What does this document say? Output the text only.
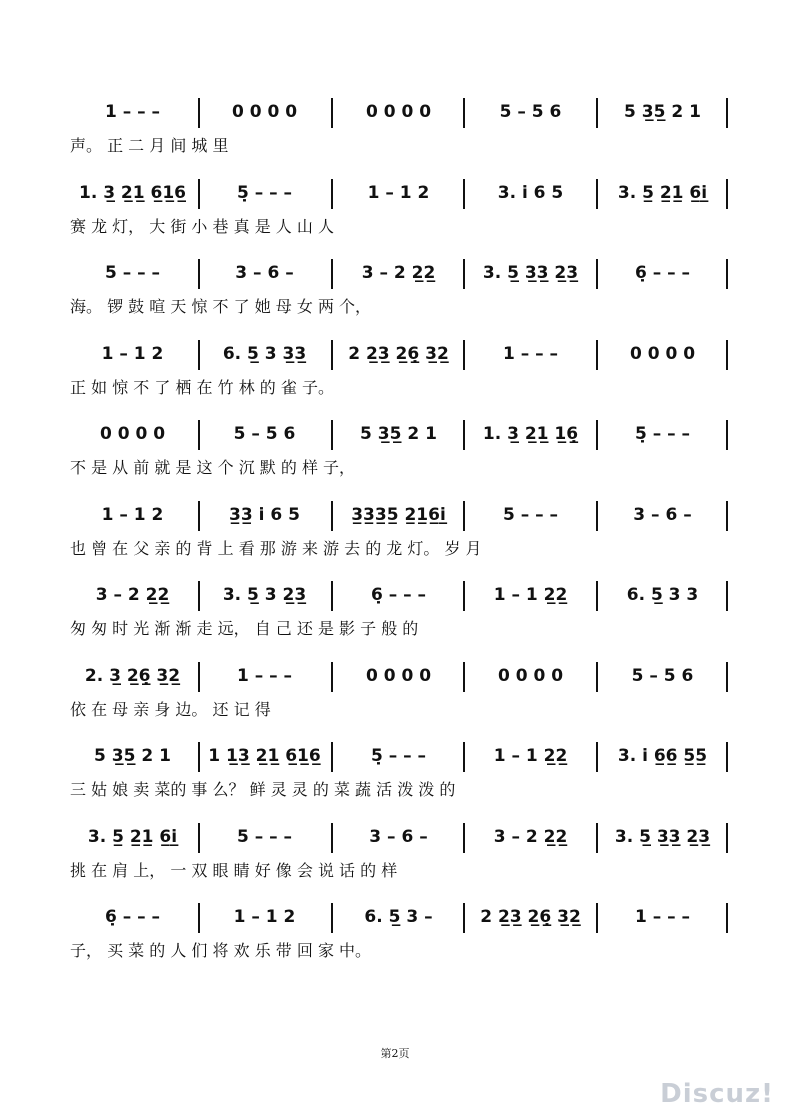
1 – – –	0 0 0 0	0 0 0 0	5 – 5 6	5 3̲5̲ 2 1
声。 正 二 月 间 城 里
1. 3̲ 2̲1̲ 6̲1̲6̲	5̣ – – –	1 – 1 2	3. i̇ 6 5	3. 5̲ 2̲1̲ 6̲i̲̇
赛 龙 灯， 大 街 小 巷 真 是 人 山 人
5 – – –	3 – 6 –	3 – 2 2̲2̲	3. 5̲ 3̲3̲ 2̲3̲	6̣ – – –
海。 锣 鼓 喧 天 惊 不 了 她 母 女 两 个，
1 – 1 2	6. 5̲ 3 3̲3̲	2 2̲3̲ 2̲6̣̲ 3̲2̲	1 – – –	0 0 0 0
正 如 惊 不 了 栖 在 竹 林 的 雀 子。
0 0 0 0	5 – 5 6	5 3̲5̲ 2 1	1. 3̲ 2̲1̲ 1̲6̣̲	5̣ – – –
不 是 从 前 就 是 这 个 沉 默 的 样 子，
1 – 1 2	3̲3̲ i̇ 6 5	3̲3̲3̲5̲ 2̲1̲6̲i̲̇	5 – – –	3 – 6 –
也 曾 在 父 亲 的 背 上 看 那 游 来 游 去 的 龙 灯。 岁 月
3 – 2 2̲2̲	3. 5̲ 3 2̲3̲	6̣ – – –	1 – 1 2̲2̲	6. 5̲ 3 3
匆 匆 时 光 渐 渐 走 远， 自 己 还 是 影 子 般 的
2. 3̲ 2̲6̣̲ 3̲2̲	1 – – –	0 0 0 0	0 0 0 0	5 – 5 6
依 在 母 亲 身 边。 还 记 得
5 3̲5̲ 2 1	1 1̲3̲ 2̲1̲ 6̲1̲6̲	5̣ – – –	1 – 1 2̲2̲	3. i̇ 6̲6̲ 5̲5̲
三 姑 娘 卖 菜的 事 么？ 鲜 灵 灵 的 菜 蔬 活 泼 泼 的
3. 5̲ 2̲1̲ 6̲i̲̇	5 – – –	3 – 6 –	3 – 2 2̲2̲	3. 5̲ 3̲3̲ 2̲3̲
挑 在 肩 上， 一 双 眼 睛 好 像 会 说 话 的 样
6̣ – – –	1 – 1 2	6. 5̲ 3 –	2 2̲3̲ 2̲6̣̲ 3̲2̲	1 – – –
子， 买 菜 的 人 们 将 欢 乐 带 回 家 中。
第2页
Discuz!
